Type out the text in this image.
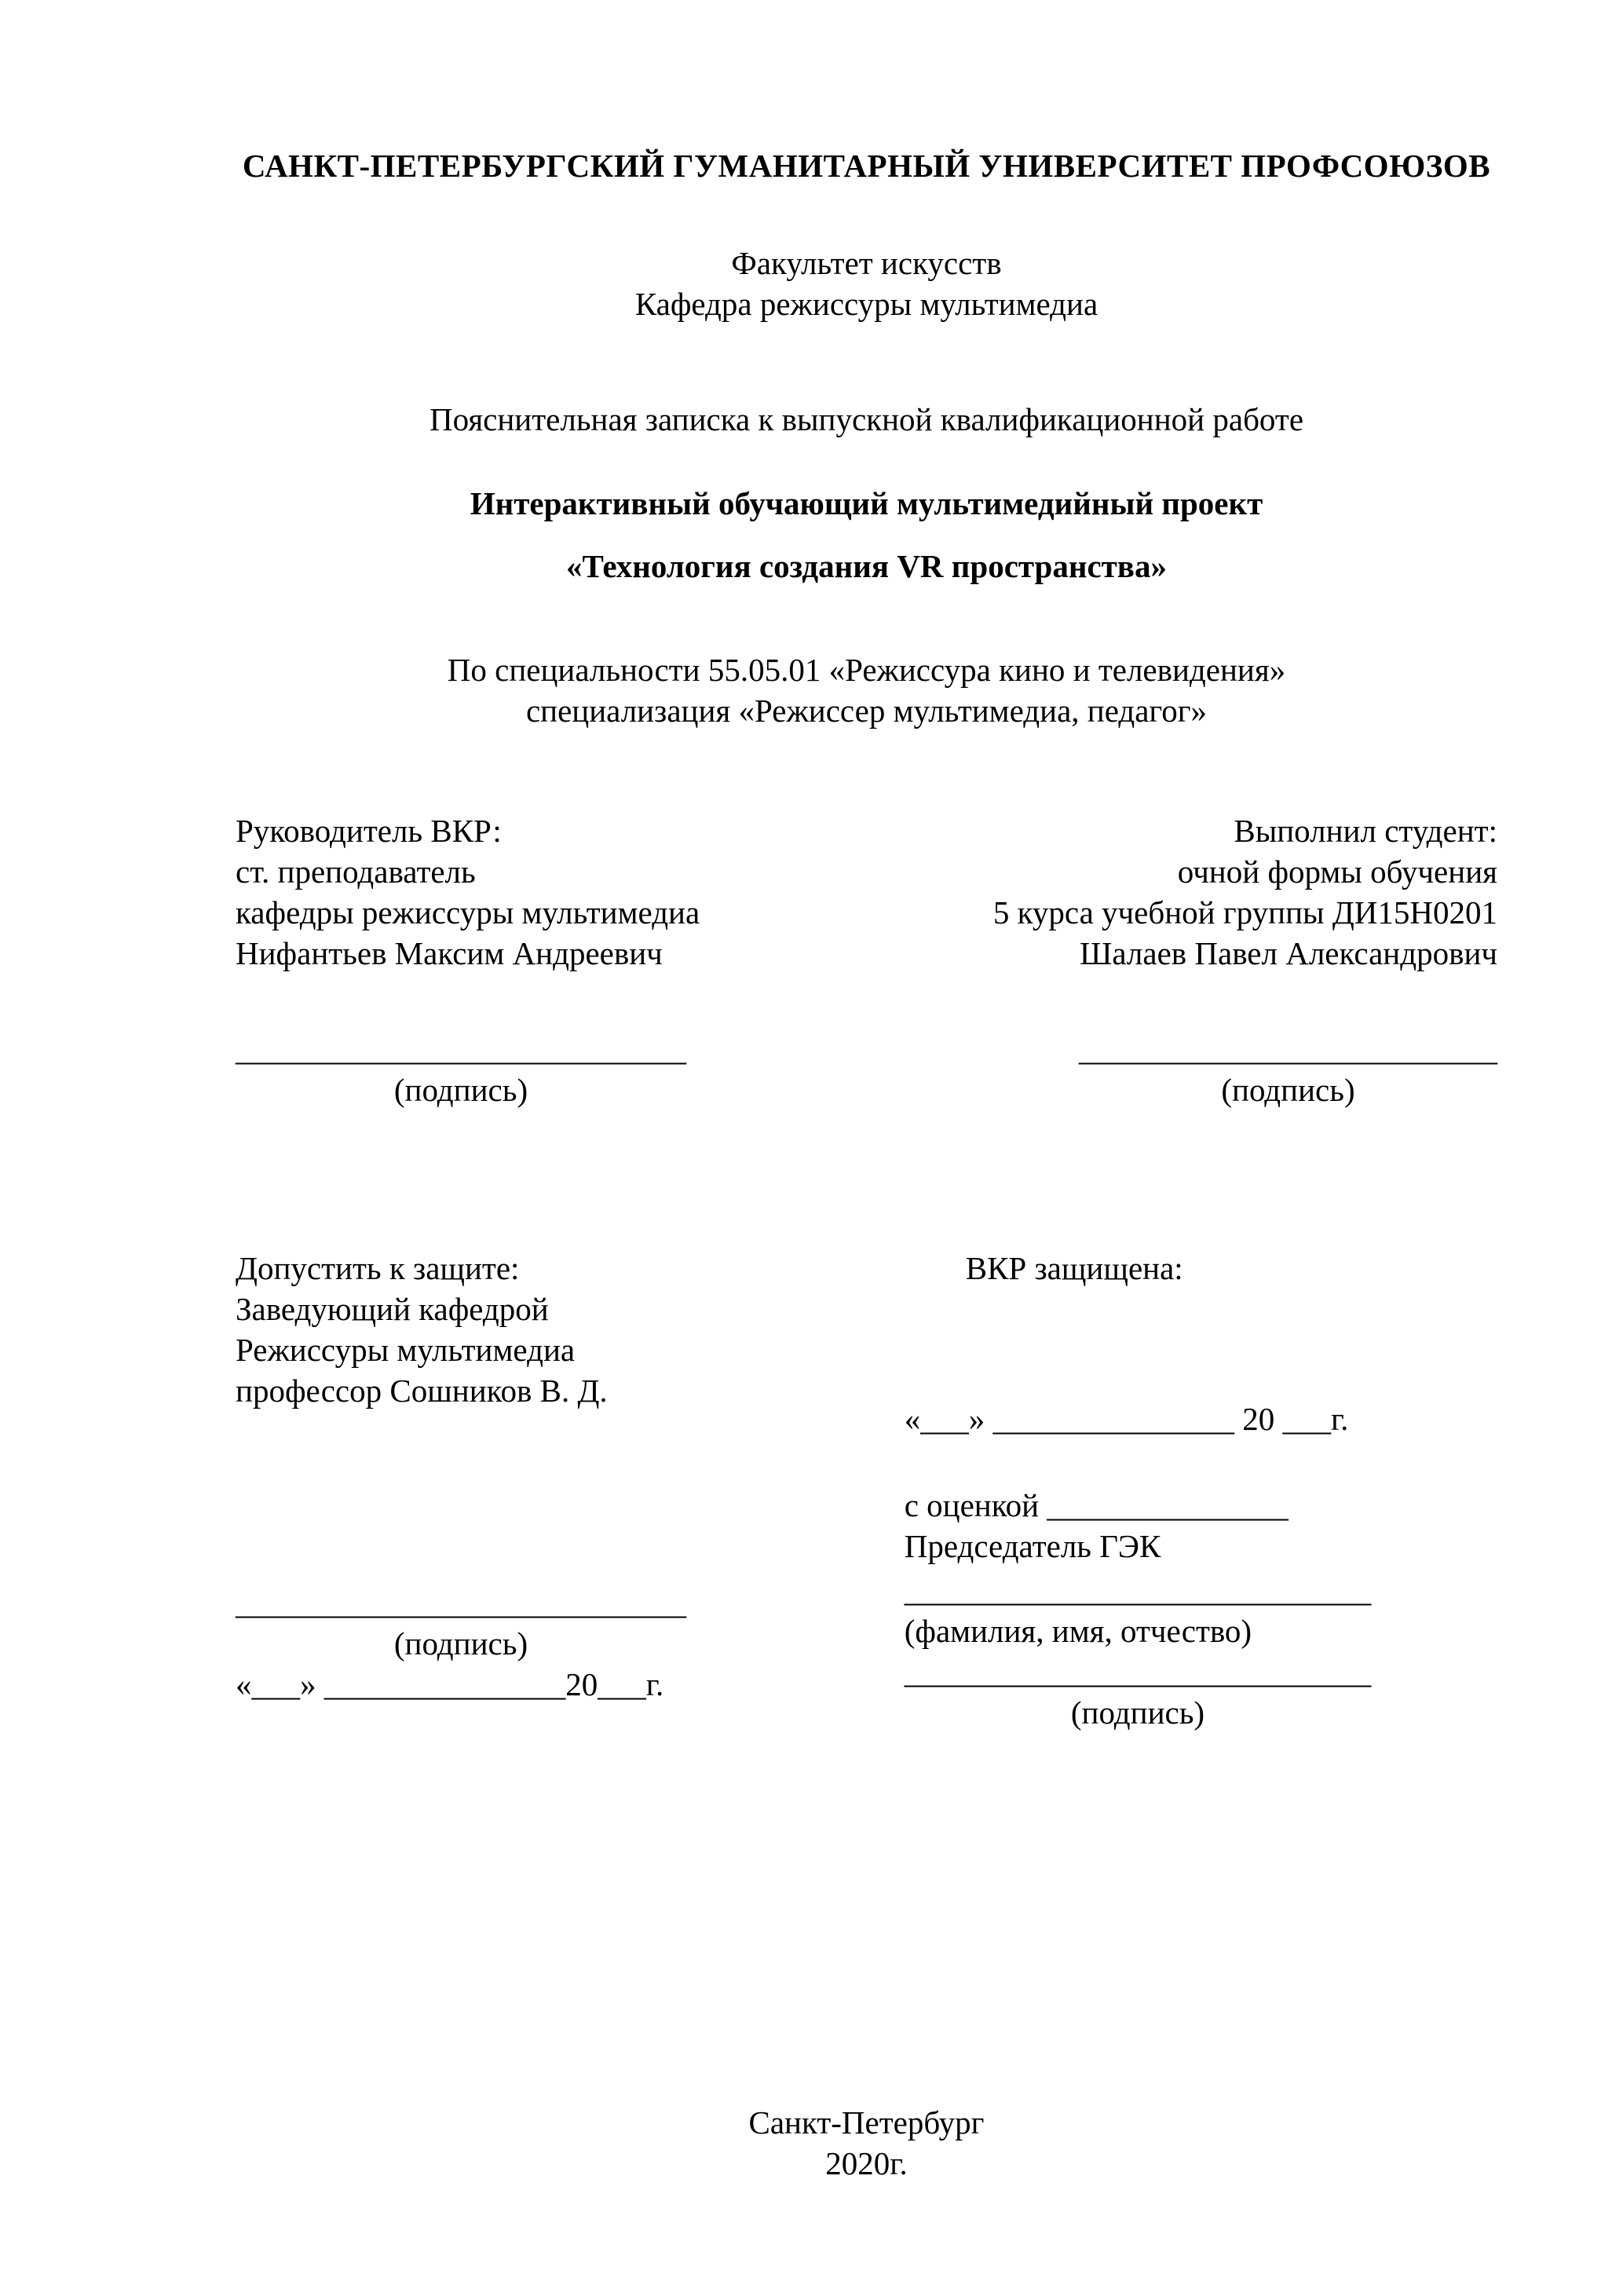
САНКТ-ПЕТЕРБУРГСКИЙ ГУМАНИТАРНЫЙ УНИВЕРСИТЕТ ПРОФСОЮЗОВ
Факультет искусств
Кафедра режиссуры мультимедиа
Пояснительная записка к выпускной квалификационной работе
Интерактивный обучающий мультимедийный проект
«Технология создания VR пространства»
По специальности 55.05.01 «Режиссура кино и телевидения»
специализация «Режиссер мультимедиа, педагог»
Руководитель ВКР:
ст. преподаватель
кафедры режиссуры мультимедиа
Нифантьев Максим Андреевич
Выполнил студент:
очной формы обучения
5 курса учебной группы ДИ15Н0201
Шалаев Павел Александрович
____________________________
(подпись)
__________________________
(подпись)
Допустить к защите:
Заведующий кафедрой
Режиссуры мультимедиа
профессор Сошников В. Д.
____________________________
(подпись)
«___» _______________20___г.
ВКР защищена:
«___» _______________ 20 ___г.
с оценкой _______________
Председатель ГЭК
_____________________________
(фамилия, имя, отчество)
_____________________________
(подпись)
Санкт-Петербург
2020г.
